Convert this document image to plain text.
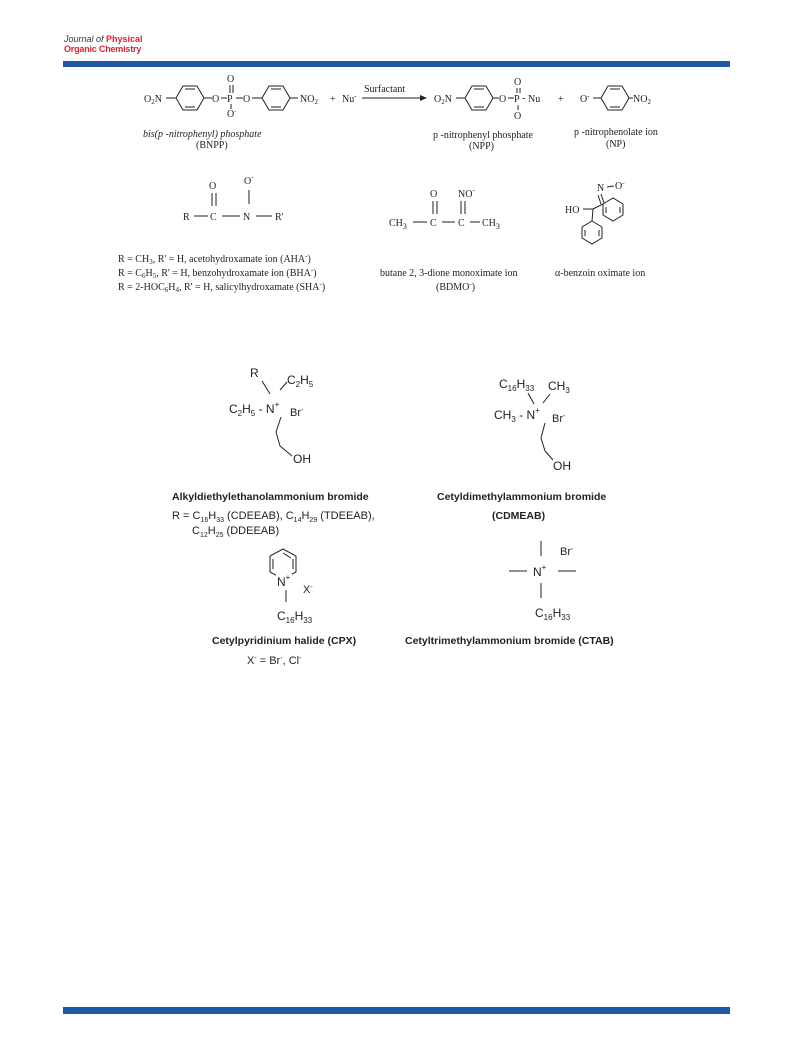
Journal of Physical
Organic Chemistry
$O_2N$	O P
O
O-
O	$NO_2 + Nu^-$
Surfactant
$O_2N$	O P
O
O
- Nu + O-	$NO_2$
bis(p -nitrophenyl) phosphate
(BNPP)
p -nitrophenyl phosphate
(NPP)
p -nitrophenolate ion
(NP)
O	O-
R C	N R'
O NO-
$CH_3$ C C $CH_3$
N O-
HO
$R = CH_3$, R' = H, acetohydroxamate ion (AHA-)
$R = C_6H_5$, R' = H, benzohydroxamate ion (BHA-)
$R = 2-HOC_6H_4$, R' = H, salicylhydroxamate (SHA-)
butane 2, 3-dione monoximate ion
(BDMO-)
α-benzoin oximate ion
R $C_2H_5$
$C_2H_5 - N^+$
Br-
OH
$C_{16}H_{33}$ $CH_3$
$CH_3 - N^+$
Br-
OH
N+
X-
$C_{16}H_{33}$
Br-
N+
$C_{16}H_{33}$
Alkyldiethylethanolammonium bromide
$R = C_{16}H_{33}$ (CDEEAB), $C_{14}H_{29}$ (TDEEAB),
$C_{12}H_{25}$ (DDEEAB)
Cetyldimethylammonium bromide
(CDMEAB)
Cetylpyridinium halide (CPX)
X- = Br-, Cl-
Cetyltrimethylammonium bromide (CTAB)
